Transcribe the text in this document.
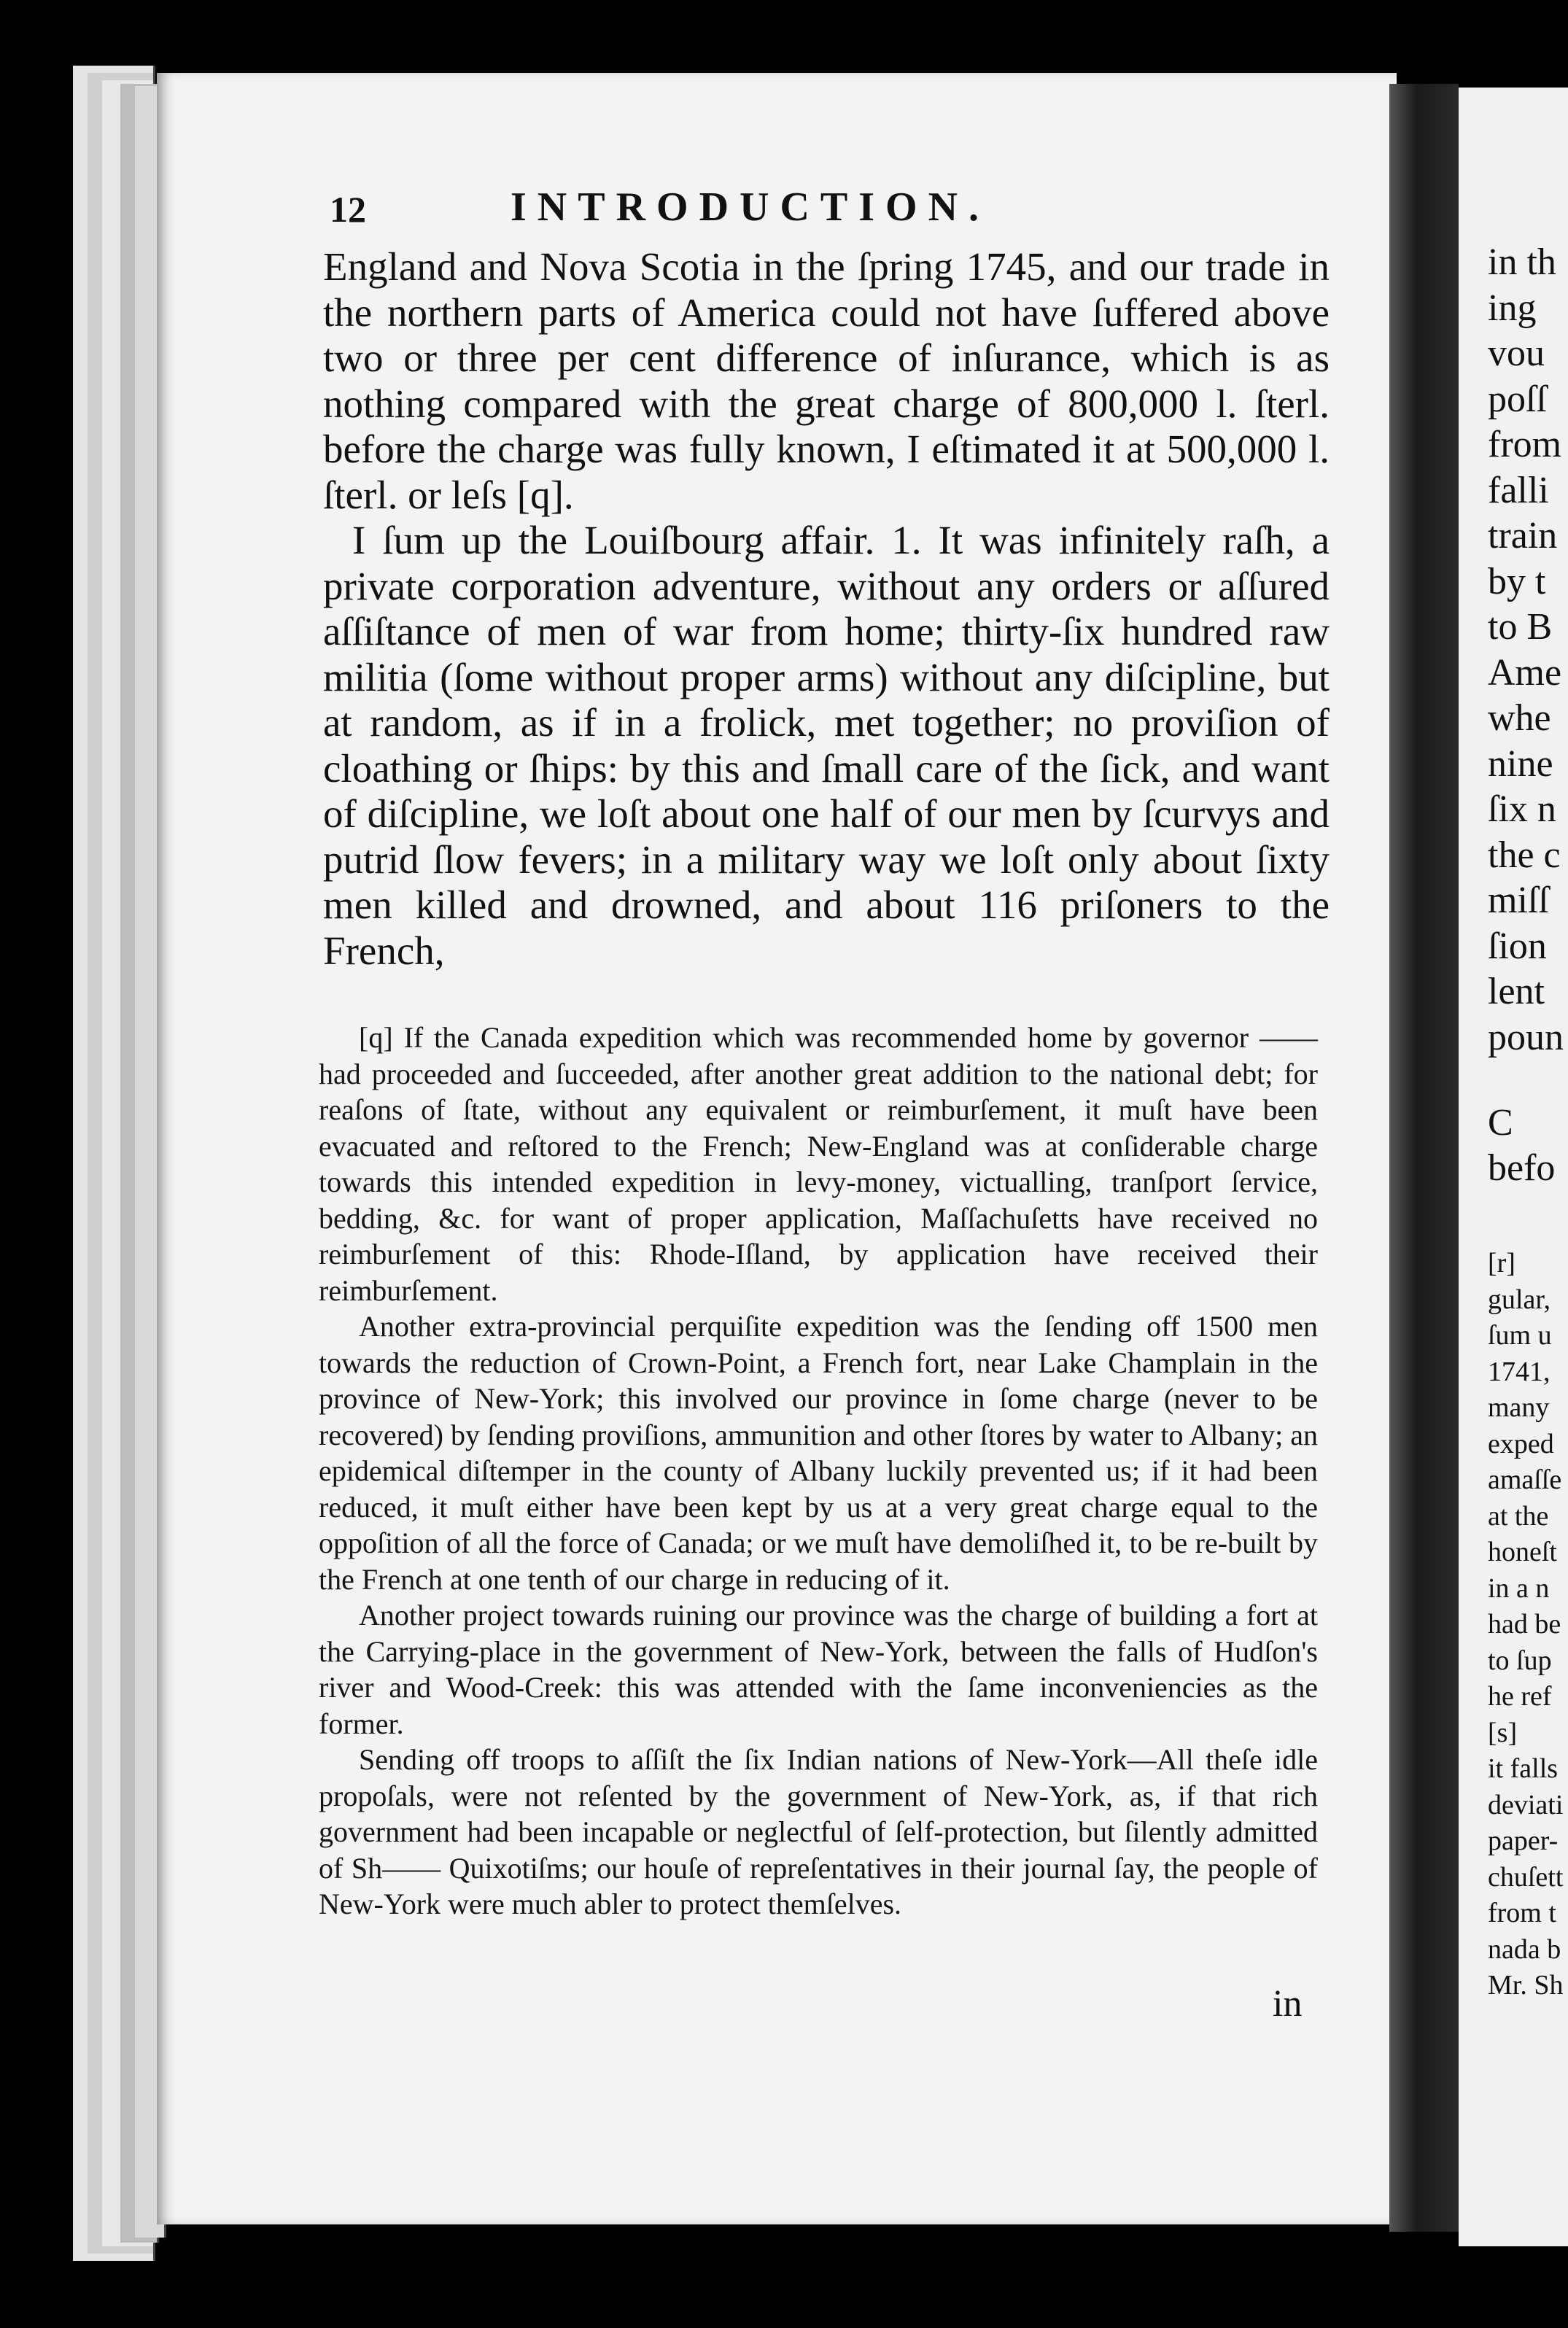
in th
ing
vou
poſſ
from
falli
train
by t
to B
Ame
whe
nine
ſix n
the c
miſſ
ſion
lent
poun
C
befo
[r]
gular,
ſum u
1741,
many
exped
amaſſe
at the
honeſt
in a n
had be
to ſup
he ref
[s]
it falls
deviati
paper-
chuſett
from t
nada b
Mr. Sh
12	INTRODUCTION.

England and Nova Scotia in the ſpring 1745, and our trade in the northern parts of America could not have ſuffered above two or three per cent difference of inſurance, which is as nothing compared with the great charge of 800,000 l. ſterl. before the charge was fully known, I eſtimated it at 500,000 l. ſterl. or leſs [q].

I ſum up the Louiſbourg affair. 1. It was infinitely raſh, a private corporation adventure, without any orders or aſſured aſſiſtance of men of war from home; thirty-ſix hundred raw militia (ſome without proper arms) without any diſcipline, but at random, as if in a frolick, met together; no proviſion of cloathing or ſhips: by this and ſmall care of the ſick, and want of diſcipline, we loſt about one half of our men by ſcurvys and putrid ſlow fevers; in a military way we loſt only about ſixty men killed and drowned, and about 116 priſoners to the French,

[q] If the Canada expedition which was recommended home by governor ——had proceeded and ſucceeded, after another great addition to the national debt; for reaſons of ſtate, without any equivalent or reimburſement, it muſt have been evacuated and reſtored to the French; New-England was at conſiderable charge towards this intended expedition in levy-money, victualling, tranſport ſervice, bedding, &c. for want of proper application, Maſſachuſetts have received no reimburſement of this: Rhode-Iſland, by application have received their reimburſement.

Another extra-provincial perquiſite expedition was the ſending off 1500 men towards the reduction of Crown-Point, a French fort, near Lake Champlain in the province of New-York; this involved our province in ſome charge (never to be recovered) by ſending proviſions, ammunition and other ſtores by water to Albany; an epidemical diſtemper in the county of Albany luckily prevented us; if it had been reduced, it muſt either have been kept by us at a very great charge equal to the oppoſition of all the force of Canada; or we muſt have demoliſhed it, to be re-built by the French at one tenth of our charge in reducing of it.

Another project towards ruining our province was the charge of building a fort at the Carrying-place in the government of New-York, between the falls of Hudſon's river and Wood-Creek: this was attended with the ſame inconveniencies as the former.

Sending off troops to aſſiſt the ſix Indian nations of New-York—All theſe idle propoſals, were not reſented by the government of New-York, as, if that rich government had been incapable or neglectful of ſelf-protection, but ſilently admitted of Sh—— Quixotiſms; our houſe of repreſentatives in their journal ſay, the people of New-York were much abler to protect themſelves.

in
